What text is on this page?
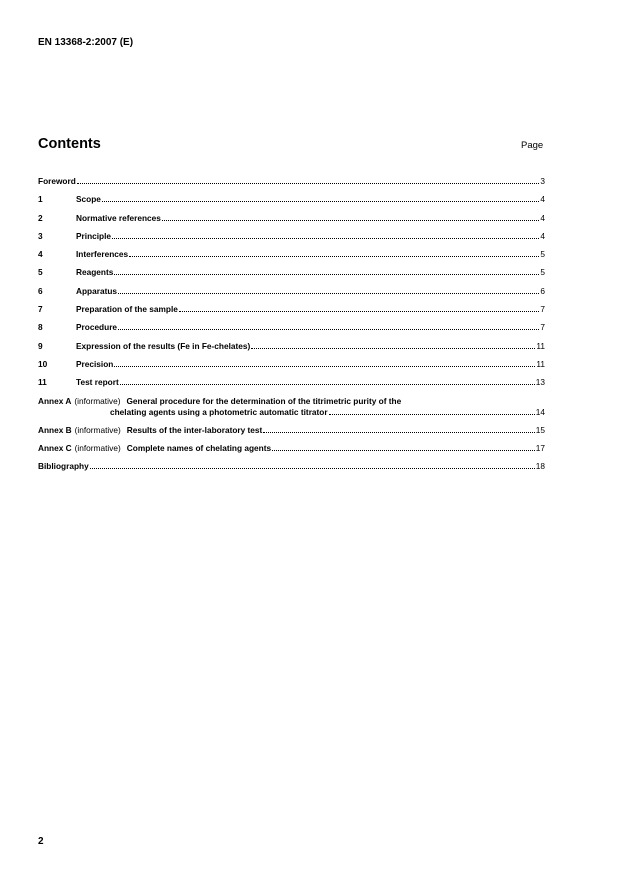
EN 13368-2:2007 (E)
Contents	Page
Foreword	3
1	Scope	4
2	Normative references	4
3	Principle	4
4	Interferences	5
5	Reagents	5
6	Apparatus	6
7	Preparation of the sample	7
8	Procedure	7
9	Expression of the results (Fe in Fe-chelates)	11
10	Precision	11
11	Test report	13
Annex A (informative) General procedure for the determination of the titrimetric purity of the
chelating agents using a photometric automatic titrator	14
Annex B (informative) Results of the inter-laboratory test	15
Annex C (informative) Complete names of chelating agents	17
Bibliography	18
2
